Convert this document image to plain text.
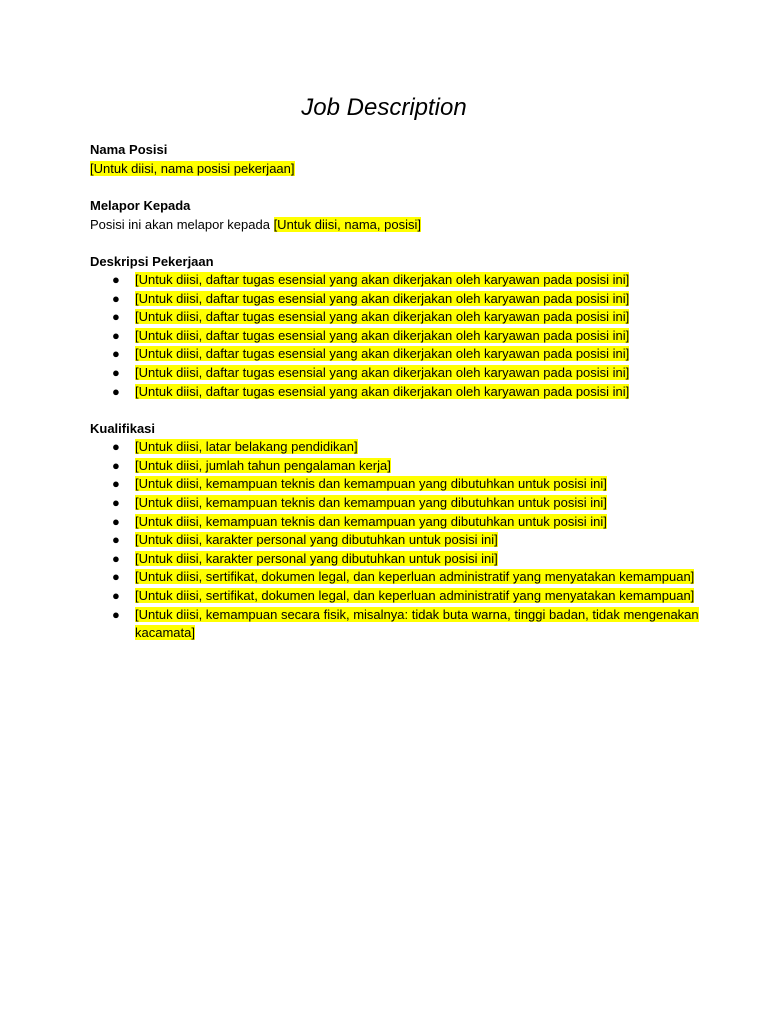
Job Description

Nama Posisi

[Untuk diisi, nama posisi pekerjaan]

Melapor Kepada

Posisi ini akan melapor kepada [Untuk diisi, nama, posisi]

Deskripsi Pekerjaan

● [Untuk diisi, daftar tugas esensial yang akan dikerjakan oleh karyawan pada posisi ini]
● [Untuk diisi, daftar tugas esensial yang akan dikerjakan oleh karyawan pada posisi ini]
● [Untuk diisi, daftar tugas esensial yang akan dikerjakan oleh karyawan pada posisi ini]
● [Untuk diisi, daftar tugas esensial yang akan dikerjakan oleh karyawan pada posisi ini]
● [Untuk diisi, daftar tugas esensial yang akan dikerjakan oleh karyawan pada posisi ini]
● [Untuk diisi, daftar tugas esensial yang akan dikerjakan oleh karyawan pada posisi ini]
● [Untuk diisi, daftar tugas esensial yang akan dikerjakan oleh karyawan pada posisi ini]

Kualifikasi

● [Untuk diisi, latar belakang pendidikan]
● [Untuk diisi, jumlah tahun pengalaman kerja]
● [Untuk diisi, kemampuan teknis dan kemampuan yang dibutuhkan untuk posisi ini]
● [Untuk diisi, kemampuan teknis dan kemampuan yang dibutuhkan untuk posisi ini]
● [Untuk diisi, kemampuan teknis dan kemampuan yang dibutuhkan untuk posisi ini]
● [Untuk diisi, karakter personal yang dibutuhkan untuk posisi ini]
● [Untuk diisi, karakter personal yang dibutuhkan untuk posisi ini]
● [Untuk diisi, sertifikat, dokumen legal, dan keperluan administratif yang menyatakan kemampuan]
● [Untuk diisi, sertifikat, dokumen legal, dan keperluan administratif yang menyatakan kemampuan]
● [Untuk diisi, kemampuan secara fisik, misalnya: tidak buta warna, tinggi badan, tidak mengenakan kacamata]
